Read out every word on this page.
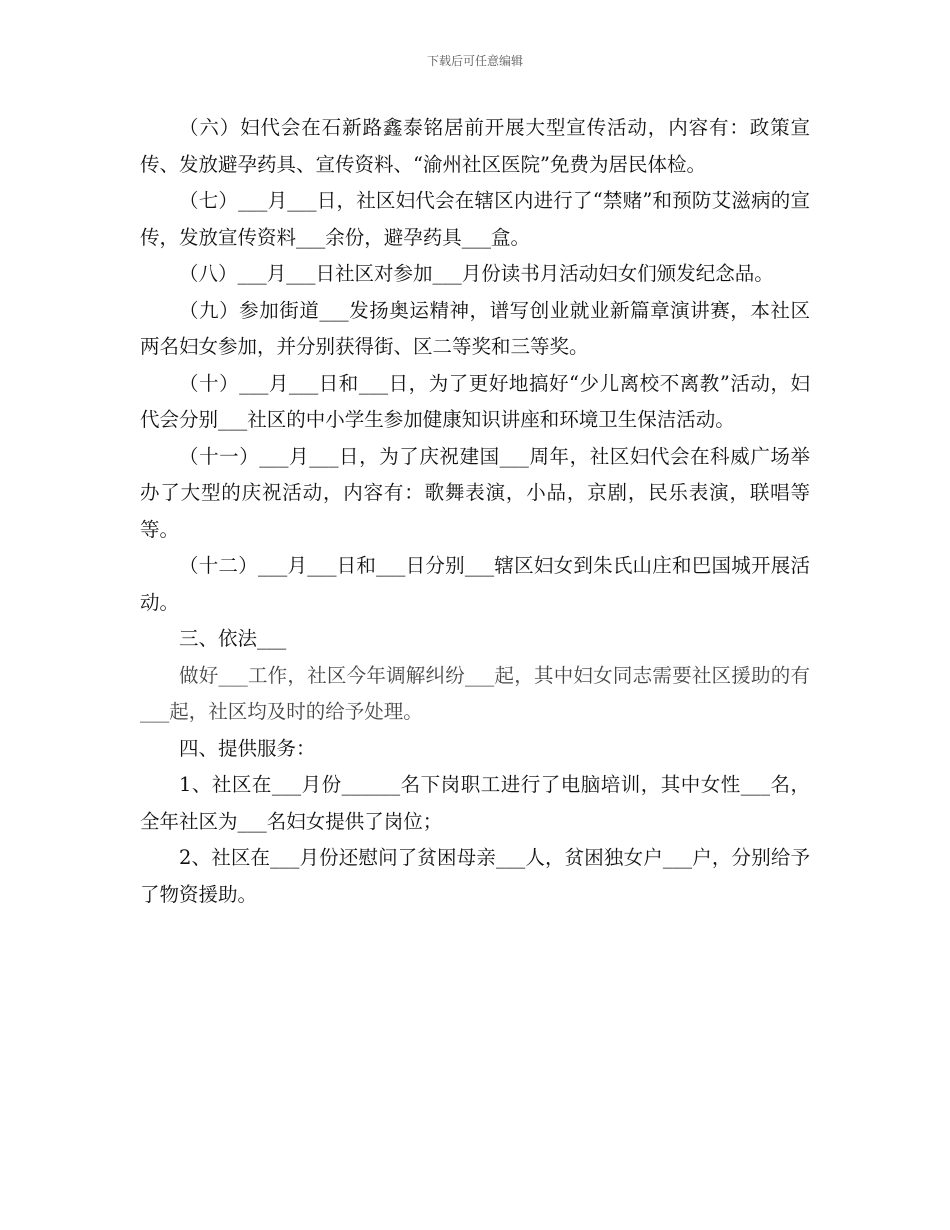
下载后可任意编辑

（六）妇代会在石新路鑫泰铭居前开展大型宣传活动，内容有：政策宣传、发放避孕药具、宣传资料、“渝州社区医院”免费为居民体检。

（七）___月___日，社区妇代会在辖区内进行了“禁赌”和预防艾滋病的宣传，发放宣传资料___余份，避孕药具___盒。

（八）___月___日社区对参加___月份读书月活动妇女们颁发纪念品。

（九）参加街道___发扬奥运精神，谱写创业就业新篇章演讲赛，本社区两名妇女参加，并分别获得街、区二等奖和三等奖。

（十）___月___日和___日，为了更好地搞好“少儿离校不离教”活动，妇代会分别___社区的中小学生参加健康知识讲座和环境卫生保洁活动。

（十一）___月___日，为了庆祝建国___周年，社区妇代会在科威广场举办了大型的庆祝活动，内容有：歌舞表演，小品，京剧，民乐表演，联唱等等。

（十二）___月___日和___日分别___辖区妇女到朱氏山庄和巴国城开展活动。

三、依法___

做好___工作，社区今年调解纠纷___起，其中妇女同志需要社区援助的有___起，社区均及时的给予处理。

四、提供服务：

1、社区在___月份______名下岗职工进行了电脑培训，其中女性___名，全年社区为___名妇女提供了岗位；

2、社区在___月份还慰问了贫困母亲___人，贫困独女户___户，分别给予了物资援助。
